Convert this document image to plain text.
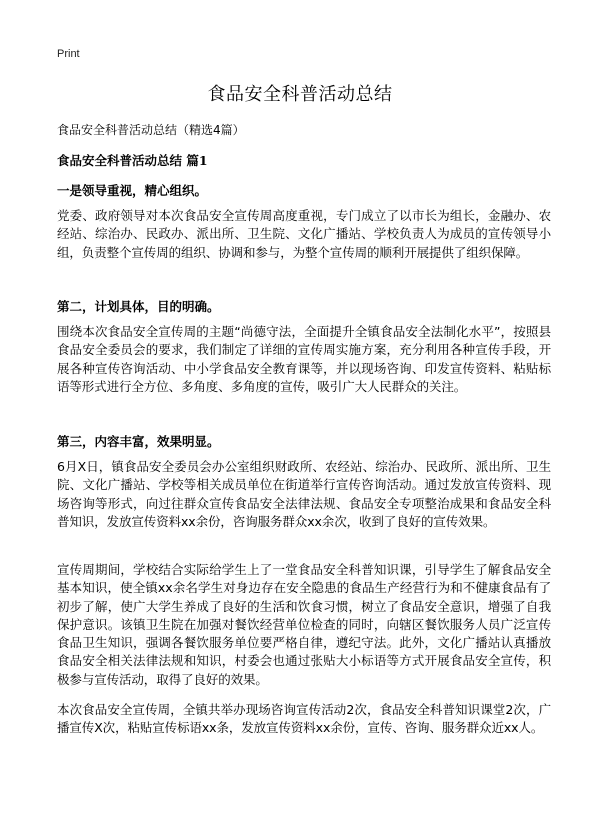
Print
食品安全科普活动总结
食品安全科普活动总结（精选4篇）
食品安全科普活动总结 篇1
一是领导重视，精心组织。

党委、政府领导对本次食品安全宣传周高度重视，专门成立了以市长为组长，金融办、农经站、综治办、民政办、派出所、卫生院、文化广播站、学校负责人为成员的宣传领导小组，负责整个宣传周的组织、协调和参与，为整个宣传周的顺利开展提供了组织保障。

第二，计划具体，目的明确。

围绕本次食品安全宣传周的主题“尚德守法，全面提升全镇食品安全法制化水平”，按照县食品安全委员会的要求，我们制定了详细的宣传周实施方案，充分利用各种宣传手段，开展各种宣传咨询活动、中小学食品安全教育课等，并以现场咨询、印发宣传资料、粘贴标语等形式进行全方位、多角度、多角度的宣传，吸引广大人民群众的关注。

第三，内容丰富，效果明显。

6月X日，镇食品安全委员会办公室组织财政所、农经站、综治办、民政所、派出所、卫生院、文化广播站、学校等相关成员单位在街道举行宣传咨询活动。通过发放宣传资料、现场咨询等形式，向过往群众宣传食品安全法律法规、食品安全专项整治成果和食品安全科普知识，发放宣传资料xx余份，咨询服务群众xx余次，收到了良好的宣传效果。

宣传周期间，学校结合实际给学生上了一堂食品安全科普知识课，引导学生了解食品安全基本知识，使全镇xx余名学生对身边存在安全隐患的食品生产经营行为和不健康食品有了初步了解，使广大学生养成了良好的生活和饮食习惯，树立了食品安全意识，增强了自我保护意识。该镇卫生院在加强对餐饮经营单位检查的同时，向辖区餐饮服务人员广泛宣传食品卫生知识，强调各餐饮服务单位要严格自律，遵纪守法。此外，文化广播站认真播放食品安全相关法律法规和知识，村委会也通过张贴大小标语等方式开展食品安全宣传，积极参与宣传活动，取得了良好的效果。

本次食品安全宣传周，全镇共举办现场咨询宣传活动2次，食品安全科普知识课堂2次，广播宣传X次，粘贴宣传标语xx条，发放宣传资料xx余份，宣传、咨询、服务群众近xx人。
